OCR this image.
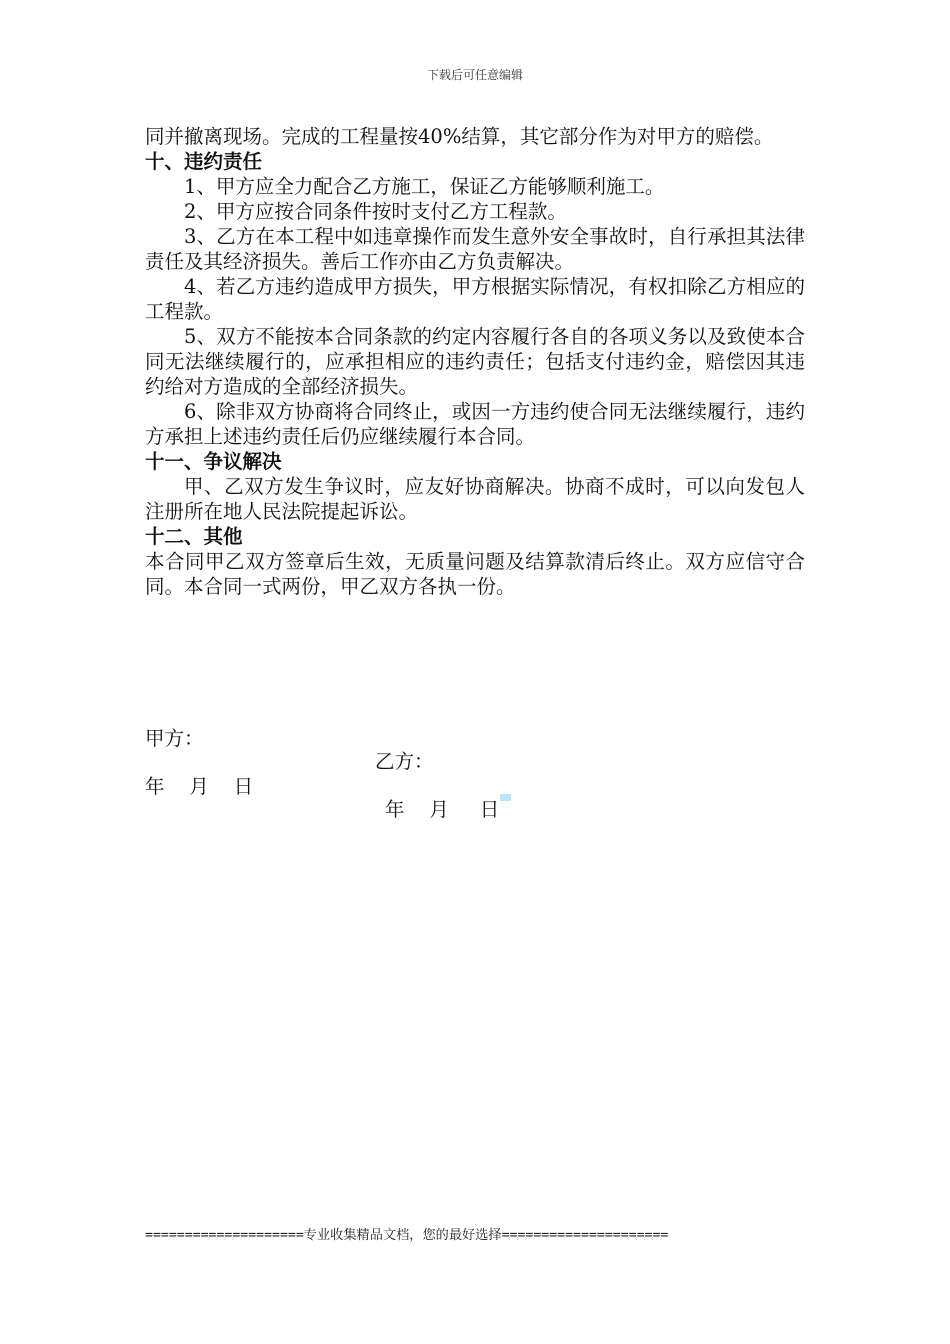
下载后可任意编辑

同并撤离现场。完成的工程量按40%结算，其它部分作为对甲方的赔偿。

十、违约责任

1、甲方应全力配合乙方施工，保证乙方能够顺利施工。

2、甲方应按合同条件按时支付乙方工程款。

3、乙方在本工程中如违章操作而发生意外安全事故时，自行承担其法律责任及其经济损失。善后工作亦由乙方负责解决。

4、若乙方违约造成甲方损失，甲方根据实际情况，有权扣除乙方相应的工程款。

5、双方不能按本合同条款的约定内容履行各自的各项义务以及致使本合同无法继续履行的，应承担相应的违约责任；包括支付违约金，赔偿因其违约给对方造成的全部经济损失。

6、除非双方协商将合同终止，或因一方违约使合同无法继续履行，违约方承担上述违约责任后仍应继续履行本合同。

十一、争议解决

甲、乙双方发生争议时，应友好协商解决。协商不成时，可以向发包人注册所在地人民法院提起诉讼。

十二、其他

本合同甲乙双方签章后生效，无质量问题及结算款清后终止。双方应信守合同。本合同一式两份，甲乙双方各执一份。

甲方：

乙方：

年    月    日

年    月     日

====================专业收集精品文档，您的最好选择=====================
